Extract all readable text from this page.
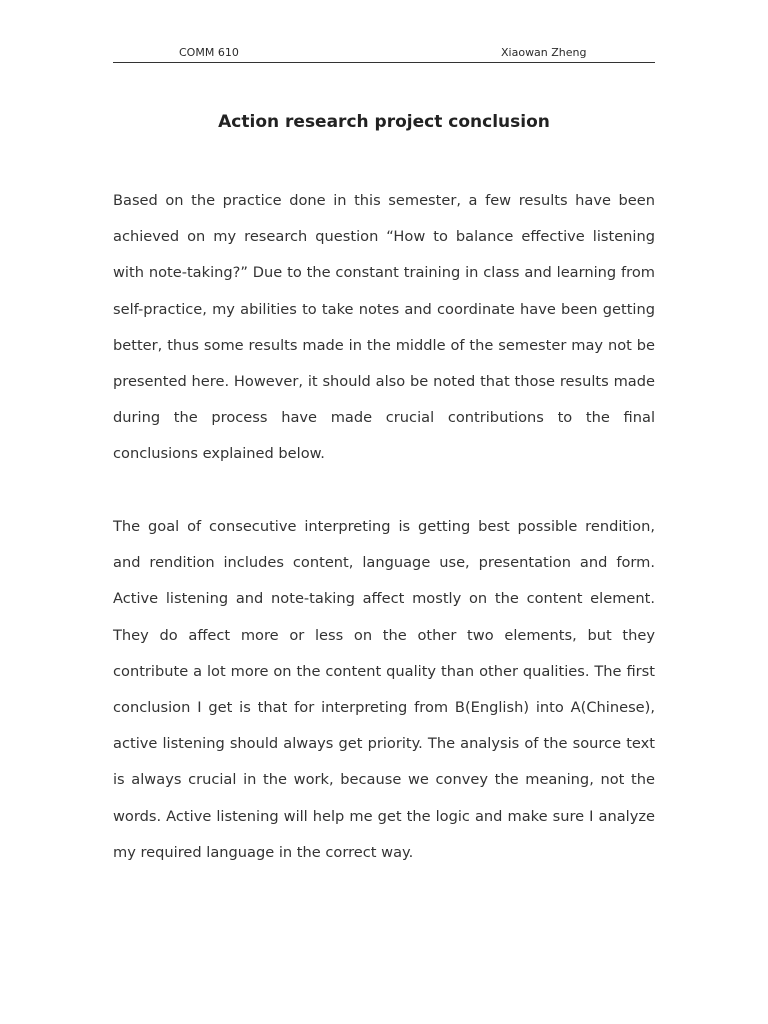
COMM 610	Xiaowan Zheng
Action research project conclusion

Based on the practice done in this semester, a few results have been achieved on my research question “How to balance effective listening with note-taking?” Due to the constant training in class and learning from self-practice, my abilities to take notes and coordinate have been getting better, thus some results made in the middle of the semester may not be presented here. However, it should also be noted that those results made during the process have made crucial contributions to the final conclusions explained below.

The goal of consecutive interpreting is getting best possible rendition, and rendition includes content, language use, presentation and form. Active listening and note-taking affect mostly on the content element. They do affect more or less on the other two elements, but they contribute a lot more on the content quality than other qualities. The first conclusion I get is that for interpreting from B(English) into A(Chinese), active listening should always get priority. The analysis of the source text is always crucial in the work, because we convey the meaning, not the words. Active listening will help me get the logic and make sure I analyze my required language in the correct way.
